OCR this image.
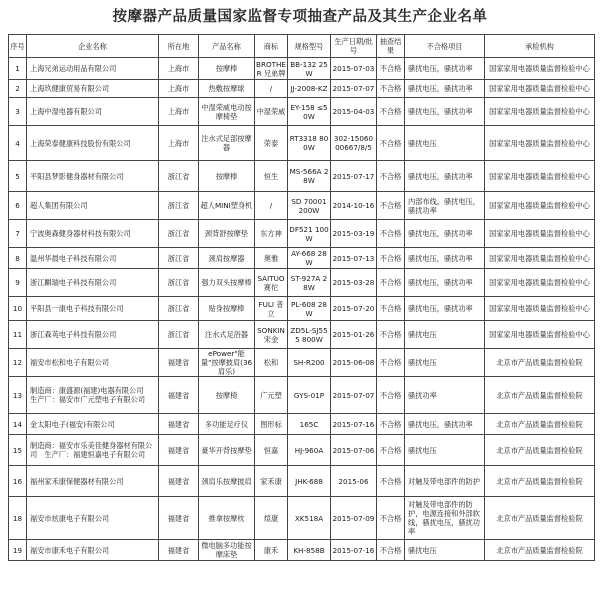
按摩器产品质量国家监督专项抽查产品及其生产企业名单
序号	企业名称	所在地	产品名称	商标	规格型号	生产日期/批号	抽查结果	不合格项目	承检机构
1	上海兄弟运动用品有限公司	上海市	按摩棒	BROTHER 兄弟牌	BB-132 25W	2015-07-03	不合格	骚扰电压，骚扰功率	国家家用电器质量监督检验中心
2	上海玖健康贸易有限公司	上海市	热敷按摩球	/	JJ-2008-KZ	2015-07-07	不合格	骚扰电压，骚扰功率	国家家用电器质量监督检验中心
3	上海中湿电器有限公司	上海市	中湿荣威电动按摩椅垫	中湿荣威	EY-158 ≤50W	2015-04-03	不合格	骚扰电压，骚扰功率	国家家用电器质量监督检验中心
4	上海荣泰健康科技股份有限公司	上海市	注水式足部按摩器	荣泰	RT3318 800W	302-1506000667/8/5	不合格	骚扰电压	国家家用电器质量监督检验中心
5	平阳县梦影健身器材有限公司	浙江省	按摩棒	恒生	MS-566A 28W	2015-07-17	不合格	骚扰电压，骚扰功率	国家家用电器质量监督检验中心
6	超人集团有限公司	浙江省	超人MINI塑身机	/	SD 70001 200W	2014-10-16	不合格	内部布线，骚扰电压，骚扰功率	国家家用电器质量监督检验中心
7	宁波奥森健身器材科技有限公司	浙江省	颈背舒按摩垫	东方神	DF521 100W	2015-03-19	不合格	骚扰电压，骚扰功率	国家家用电器质量监督检验中心
8	温州华晨电子科技有限公司	浙江省	颈肩按摩器	奥雅	AY-668 28W	2015-07-13	不合格	骚扰电压，骚扰功率	国家家用电器质量监督检验中心
9	浙江麒瑞电子科技有限公司	浙江省	强力双头按摩棒	SAITUO 赛佗	ST-927A 28W	2015-03-28	不合格	骚扰电压，骚扰功率	国家家用电器质量监督检验中心
10	平阳县一康电子科技有限公司	浙江省	贴身按摩棒	FULI 普立	PL-608 28W	2015-07-20	不合格	骚扰电压，骚扰功率	国家家用电器质量监督检验中心
11	浙江森英电子科技有限公司	浙江省	注水式足浴器	SONKIN 宋金	ZD5L-SJ555 800W	2015-01-26	不合格	骚扰电压	国家家用电器质量监督检验中心
12	福安市松和电子有限公司	福建省	ePower"能量"按摩披肩(36肩乐)	松和	SH-R200	2015-06-08	不合格	骚扰电压	北京市产品质量监督检验院
13	制造商：康盛源(福建)电器有限公司　生产厂：福安市广元塑电子有限公司	福建省	按摩椅	广元塑	GYS-01P	2015-07-07	不合格	骚扰功率	北京市产品质量监督检验院
14	金太阳电子(福安)有限公司	福建省	多功能足疗仪	图形标	165C	2015-07-16	不合格	骚扰电压，骚扰功率	北京市产品质量监督检验院
15	制造商：福安市乐美佳健身器材有限公司　生产厂：福建恒嘉电子有限公司	福建省	豪华开背按摩垫	恒嘉	HJ-960A	2015-07-06	不合格	骚扰电压	北京市产品质量监督检验院
16	福州家禾康保健器材有限公司	福建省	颈肩乐按摩披肩	家禾康	JHK-688	2015-06	不合格	对触及带电部件的防护	北京市产品质量监督检验院
18	福安市炫康电子有限公司	福建省	推拿按摩枕	煊康	XK518A	2015-07-09	不合格	对触及带电部件的防护，电源连接和外部软线，骚扰电压，骚扰功率	北京市产品质量监督检验院
19	福安市康禾电子有限公司	福建省	微电脑多功能按摩床垫	康禾	KH-858B	2015-07-16	不合格	骚扰电压	北京市产品质量监督检验院
